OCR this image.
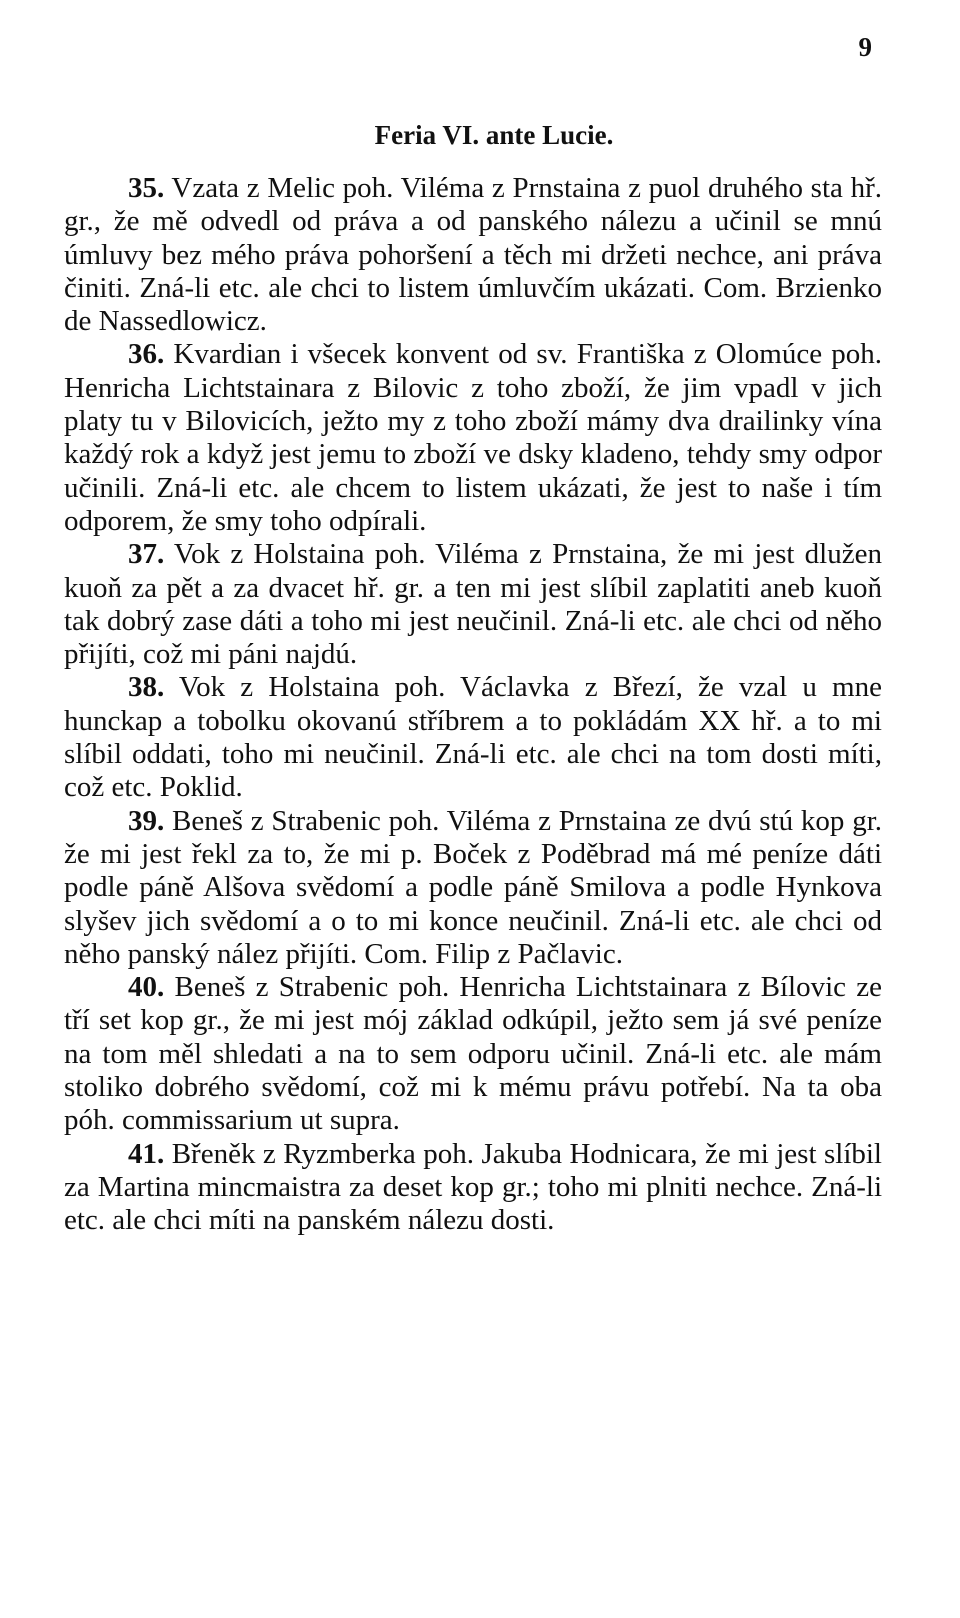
9
Feria VI. ante Lucie.

35. Vzata z Melic poh. Viléma z Prnstaina z puol druhého sta hř. gr., že mě odvedl od práva a od panského nálezu a učinil se mnú úmluvy bez mého práva pohoršení a těch mi držeti nechce, ani práva činiti. Zná-li etc. ale chci to listem úmluvčím ukázati. Com. Brzienko de Nassedlowicz.

36. Kvardian i všecek konvent od sv. Františka z Olomúce poh. Henricha Lichtstainara z Bilovic z toho zboží, že jim vpadl v jich platy tu v Bilovicích, ježto my z toho zboží mámy dva drailinky vína každý rok a když jest jemu to zboží ve dsky kladeno, tehdy smy odpor učinili. Zná-li etc. ale chcem to listem ukázati, že jest to naše i tím odporem, že smy toho odpírali.

37. Vok z Holstaina poh. Viléma z Prnstaina, že mi jest dlužen kuoň za pět a za dvacet hř. gr. a ten mi jest slíbil zaplatiti aneb kuoň tak dobrý zase dáti a toho mi jest neučinil. Zná-li etc. ale chci od něho přijíti, což mi páni najdú.

38. Vok z Holstaina poh. Václavka z Březí, že vzal u mne hunckap a tobolku okovanú stříbrem a to pokládám XX hř. a to mi slíbil oddati, toho mi neučinil. Zná-li etc. ale chci na tom dosti míti, což etc. Poklid.

39. Beneš z Strabenic poh. Viléma z Prnstaina ze dvú stú kop gr. že mi jest řekl za to, že mi p. Boček z Poděbrad má mé peníze dáti podle páně Alšova svědomí a podle páně Smilova a podle Hynkova slyšev jich svědomí a o to mi konce neučinil. Zná-li etc. ale chci od něho panský nález přijíti. Com. Filip z Pačlavic.

40. Beneš z Strabenic poh. Henricha Lichtstainara z Bílovic ze tří set kop gr., že mi jest mój základ odkúpil, ježto sem já své peníze na tom měl shledati a na to sem odporu učinil. Zná-li etc. ale mám stoliko dobrého svědomí, což mi k mému právu potřebí. Na ta oba póh. commissarium ut supra.

41. Břeněk z Ryzmberka poh. Jakuba Hodnicara, že mi jest slíbil za Martina mincmaistra za deset kop gr.; toho mi plniti nechce. Zná-li etc. ale chci míti na panském nálezu dosti.
